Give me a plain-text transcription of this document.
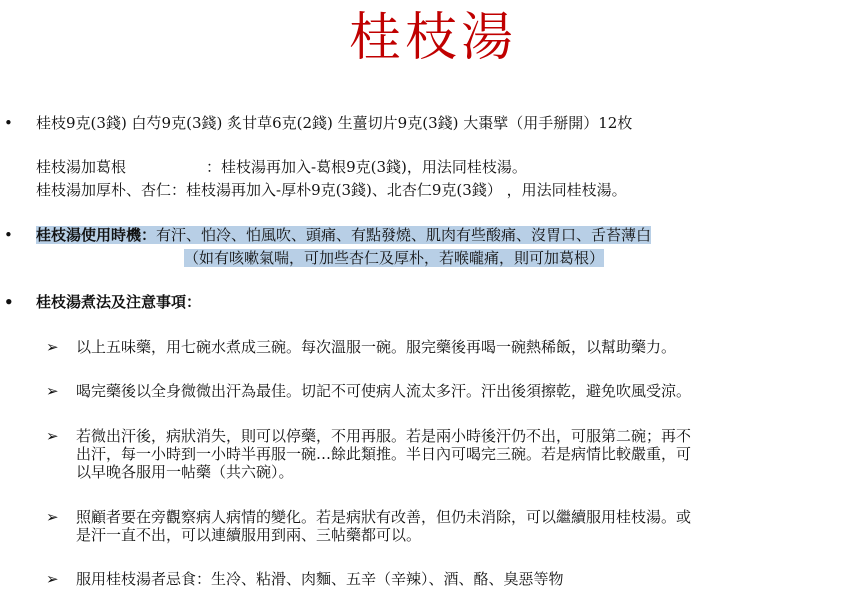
桂枝湯
• 桂枝9克(3錢) 白芍9克(3錢) 炙甘草6克(2錢) 生薑切片9克(3錢) 大棗擘（用手掰開）12枚
桂枝湯加葛根	：桂枝湯再加入-葛根9克(3錢)，用法同桂枝湯。
桂枝湯加厚朴、杏仁：桂枝湯再加入-厚朴9克(3錢)、北杏仁9克(3錢） ，用法同桂枝湯。
• 桂枝湯使用時機：有汗、怕冷、怕風吹、頭痛、有點發燒、肌肉有些酸痛、沒胃口、舌苔薄白
（如有咳嗽氣喘，可加些杏仁及厚朴，若喉嚨痛，則可加葛根）
• 桂枝湯煮法及注意事項：
➢ 以上五味藥，用七碗水煮成三碗。每次溫服一碗。服完藥後再喝一碗熱稀飯，以幫助藥力。
➢ 喝完藥後以全身微微出汗為最佳。切記不可使病人流太多汗。汗出後須擦乾，避免吹風受涼。
➢ 若微出汗後，病狀消失，則可以停藥，不用再服。若是兩小時後汗仍不出，可服第二碗；再不
出汗，每一小時到一小時半再服一碗…餘此類推。半日內可喝完三碗。若是病情比較嚴重，可
以早晚各服用一帖藥（共六碗）。
➢ 照顧者要在旁觀察病人病情的變化。若是病狀有改善，但仍未消除，可以繼續服用桂枝湯。或
是汗一直不出，可以連續服用到兩、三帖藥都可以。
➢ 服用桂枝湯者忌食：生冷、粘滑、肉麵、五辛（辛辣）、酒、酪、臭惡等物
